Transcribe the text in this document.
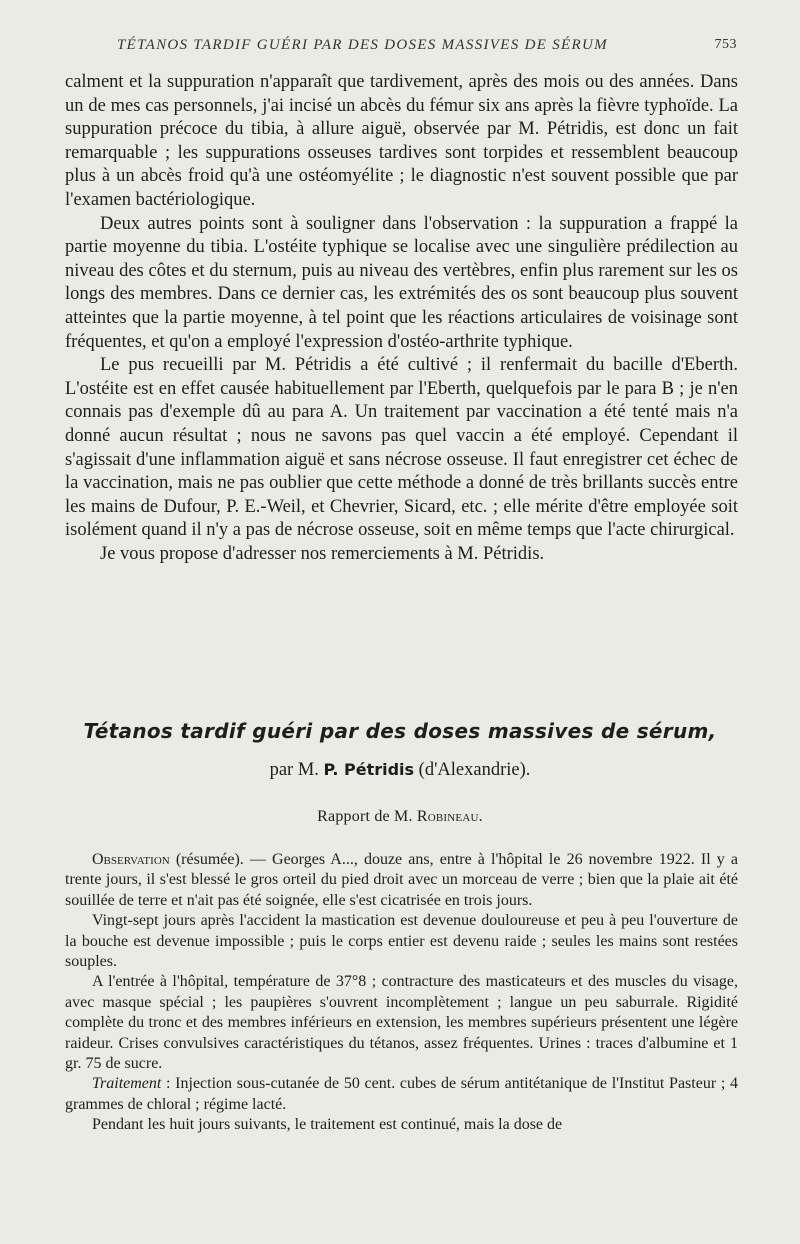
TÉTANOS TARDIF GUÉRI PAR DES DOSES MASSIVES DE SÉRUM	753

calment et la suppuration n'apparaît que tardivement, après des mois ou des années. Dans un de mes cas personnels, j'ai incisé un abcès du fémur six ans après la fièvre typhoïde. La suppuration précoce du tibia, à allure aiguë, observée par M. Pétridis, est donc un fait remarquable ; les suppurations osseuses tardives sont torpides et ressemblent beaucoup plus à un abcès froid qu'à une ostéomyélite ; le diagnostic n'est souvent possible que par l'examen bactériologique.

Deux autres points sont à souligner dans l'observation : la suppuration a frappé la partie moyenne du tibia. L'ostéite typhique se localise avec une singulière prédilection au niveau des côtes et du sternum, puis au niveau des vertèbres, enfin plus rarement sur les os longs des membres. Dans ce dernier cas, les extrémités des os sont beaucoup plus souvent atteintes que la partie moyenne, à tel point que les réactions articulaires de voisinage sont fréquentes, et qu'on a employé l'expression d'ostéo-arthrite typhique.

Le pus recueilli par M. Pétridis a été cultivé ; il renfermait du bacille d'Eberth. L'ostéite est en effet causée habituellement par l'Eberth, quelquefois par le para B ; je n'en connais pas d'exemple dû au para A. Un traitement par vaccination a été tenté mais n'a donné aucun résultat ; nous ne savons pas quel vaccin a été employé. Cependant il s'agissait d'une inflammation aiguë et sans nécrose osseuse. Il faut enregistrer cet échec de la vaccination, mais ne pas oublier que cette méthode a donné de très brillants succès entre les mains de Dufour, P. E.-Weil, et Chevrier, Sicard, etc. ; elle mérite d'être employée soit isolément quand il n'y a pas de nécrose osseuse, soit en même temps que l'acte chirurgical.

Je vous propose d'adresser nos remerciements à M. Pétridis.

Tétanos tardif guéri par des doses massives de sérum,
par M. P. Pétridis (d'Alexandrie).
Rapport de M. Robineau.

Observation (résumée). — Georges A..., douze ans, entre à l'hôpital le 26 novembre 1922. Il y a trente jours, il s'est blessé le gros orteil du pied droit avec un morceau de verre ; bien que la plaie ait été souillée de terre et n'ait pas été soignée, elle s'est cicatrisée en trois jours.

Vingt-sept jours après l'accident la mastication est devenue douloureuse et peu à peu l'ouverture de la bouche est devenue impossible ; puis le corps entier est devenu raide ; seules les mains sont restées souples.

A l'entrée à l'hôpital, température de 37°8 ; contracture des masticateurs et des muscles du visage, avec masque spécial ; les paupières s'ouvrent incomplètement ; langue un peu saburrale. Rigidité complète du tronc et des membres inférieurs en extension, les membres supérieurs présentent une légère raideur. Crises convulsives caractéristiques du tétanos, assez fréquentes. Urines : traces d'albumine et 1 gr. 75 de sucre.

Traitement : Injection sous-cutanée de 50 cent. cubes de sérum antitétanique de l'Institut Pasteur ; 4 grammes de chloral ; régime lacté.

Pendant les huit jours suivants, le traitement est continué, mais la dose de
